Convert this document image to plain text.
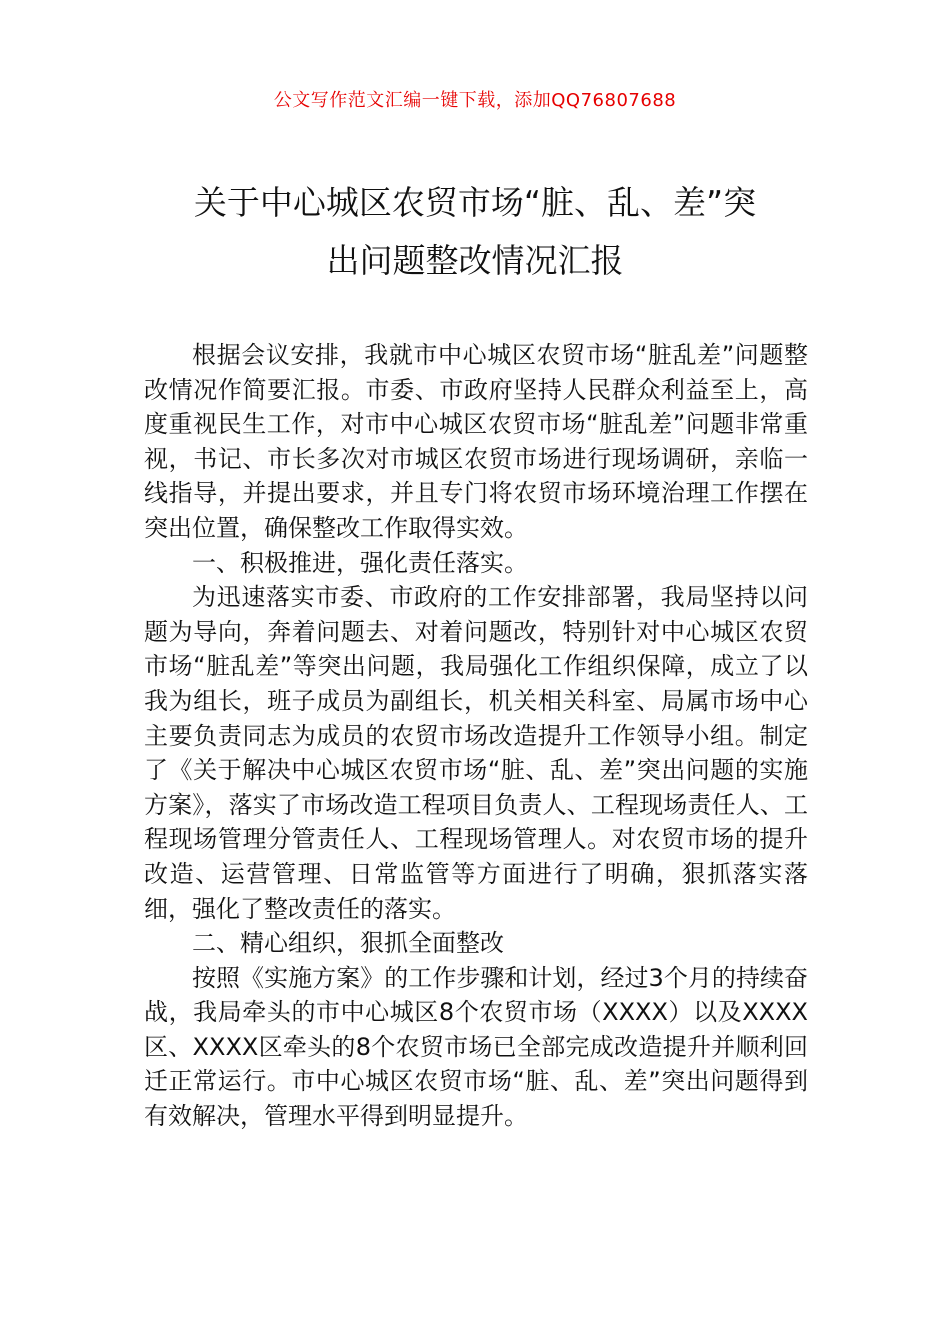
公文写作范文汇编一键下载，添加QQ76807688
关于中心城区农贸市场“脏、乱、差”突
出问题整改情况汇报

根据会议安排，我就市中心城区农贸市场“脏乱差”问题整改情况作简要汇报。市委、市政府坚持人民群众利益至上，高度重视民生工作，对市中心城区农贸市场“脏乱差”问题非常重视，书记、市长多次对市城区农贸市场进行现场调研，亲临一线指导，并提出要求，并且专门将农贸市场环境治理工作摆在突出位置，确保整改工作取得实效。

一、积极推进，强化责任落实。

为迅速落实市委、市政府的工作安排部署，我局坚持以问题为导向，奔着问题去、对着问题改，特别针对中心城区农贸市场“脏乱差”等突出问题，我局强化工作组织保障，成立了以我为组长，班子成员为副组长，机关相关科室、局属市场中心主要负责同志为成员的农贸市场改造提升工作领导小组。制定了《关于解决中心城区农贸市场“脏、乱、差”突出问题的实施方案》，落实了市场改造工程项目负责人、工程现场责任人、工程现场管理分管责任人、工程现场管理人。对农贸市场的提升改造、运营管理、日常监管等方面进行了明确，狠抓落实落细，强化了整改责任的落实。

二、精心组织，狠抓全面整改

按照《实施方案》的工作步骤和计划，经过3个月的持续奋战，我局牵头的市中心城区8个农贸市场（XXXX）以及XXXX区、XXXX区牵头的8个农贸市场已全部完成改造提升并顺利回迁正常运行。市中心城区农贸市场“脏、乱、差”突出问题得到有效解决，管理水平得到明显提升。
